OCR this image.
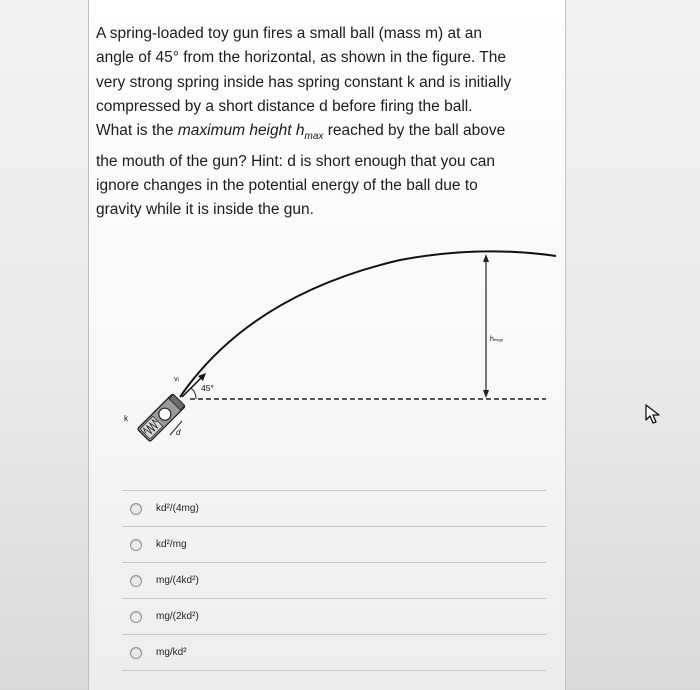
A spring-loaded toy gun fires a small ball (mass m) at an

angle of 45° from the horizontal, as shown in the figure. The

very strong spring inside has spring constant k and is initially

compressed by a short distance d before firing the ball.

What is the maximum height $h_{max}$ reached by the ball above

the mouth of the gun? Hint: d is short enough that you can

ignore changes in the potential energy of the ball due to

gravity while it is inside the gun.

hₘₐₓ
45°
vᵢ
k
d
kd²/(4mg)
kd²/mg
mg/(4kd²)
mg/(2kd²)
mg/kd²
